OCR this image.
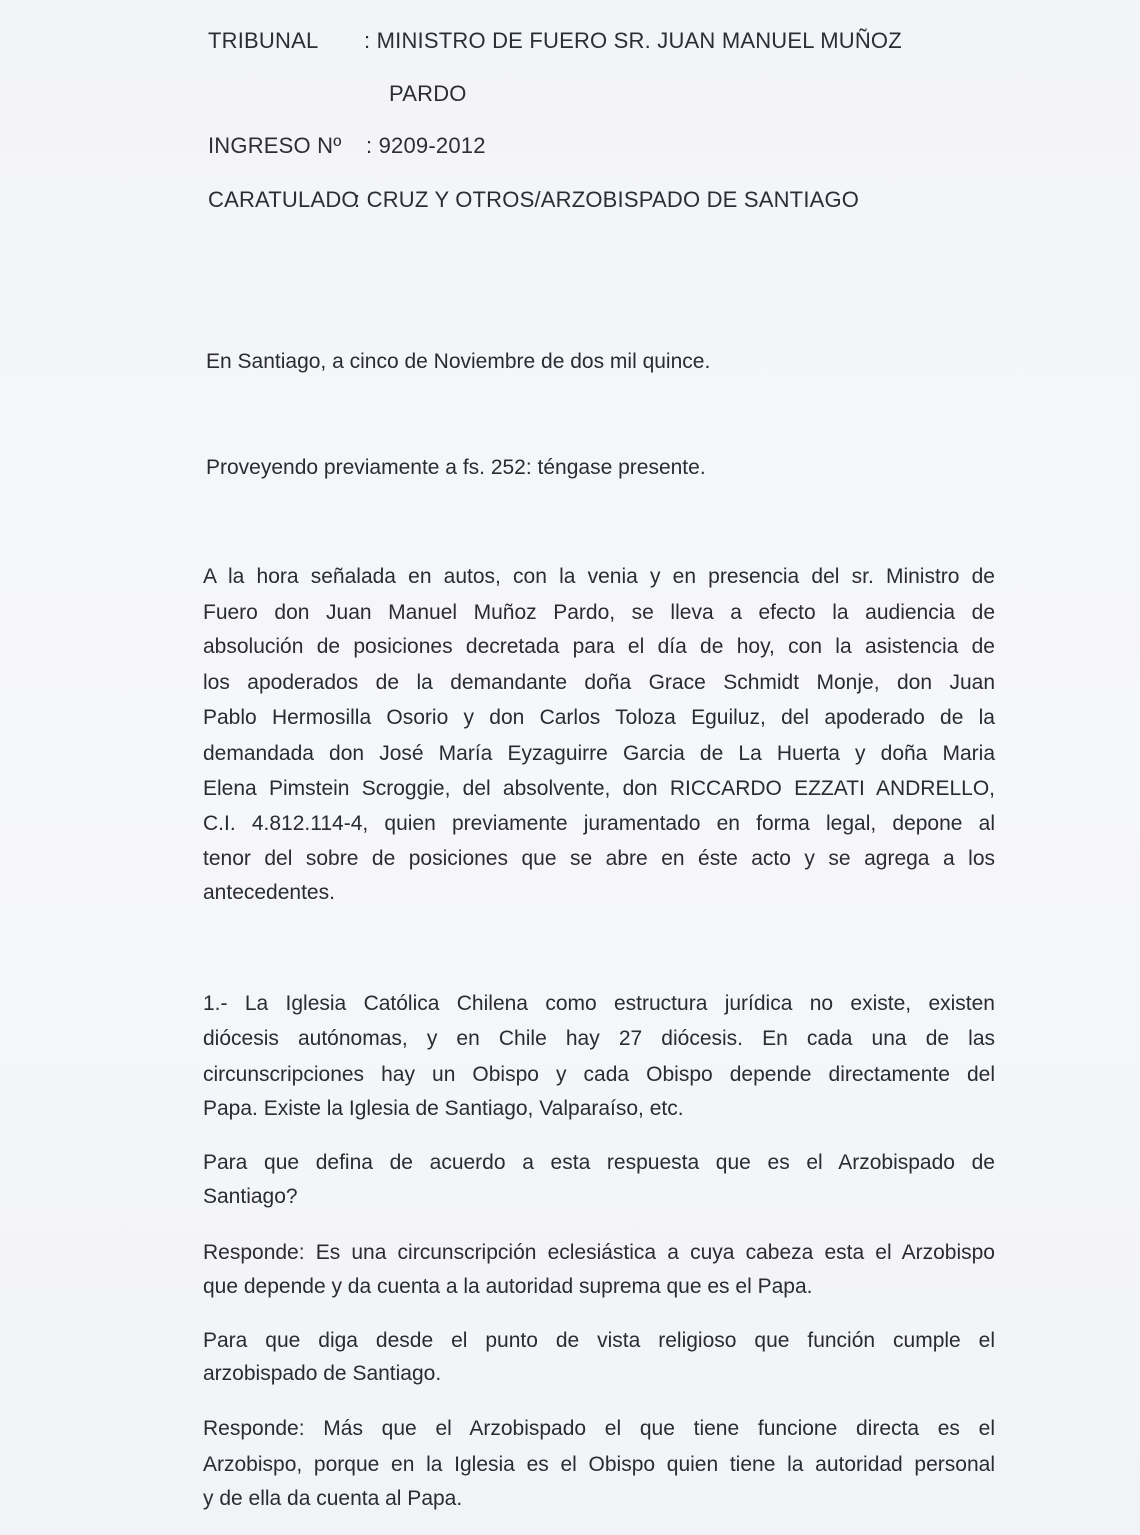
TRIBUNAL : MINISTRO DE FUERO SR. JUAN MANUEL MUÑOZ
PARDO
INGRESO Nº : 9209-2012
CARATULADO
: CRUZ Y OTROS/ARZOBISPADO DE SANTIAGO
En Santiago, a cinco de Noviembre de dos mil quince.
Proveyendo previamente a fs. 252: téngase presente.
A la hora señalada en autos, con la venia y en presencia del sr. Ministro de
Fuero don Juan Manuel Muñoz Pardo, se lleva a efecto la audiencia de
absolución de posiciones decretada para el día de hoy, con la asistencia de
los apoderados de la demandante doña Grace Schmidt Monje, don Juan
Pablo Hermosilla Osorio y don Carlos Toloza Eguiluz, del apoderado de la
demandada don José María Eyzaguirre Garcia de La Huerta y doña Maria
Elena Pimstein Scroggie, del absolvente, don RICCARDO EZZATI ANDRELLO,
C.I. 4.812.114-4, quien previamente juramentado en forma legal, depone al
tenor del sobre de posiciones que se abre en éste acto y se agrega a los
antecedentes.
1.- La Iglesia Católica Chilena como estructura jurídica no existe, existen
diócesis autónomas, y en Chile hay 27 diócesis. En cada una de las
circunscripciones hay un Obispo y cada Obispo depende directamente del
Papa. Existe la Iglesia de Santiago, Valparaíso, etc.
Para que defina de acuerdo a esta respuesta que es el Arzobispado de
Santiago?
Responde: Es una circunscripción eclesiástica a cuya cabeza esta el Arzobispo
que depende y da cuenta a la autoridad suprema que es el Papa.
Para que diga desde el punto de vista religioso que función cumple el
arzobispado de Santiago.
Responde: Más que el Arzobispado el que tiene funcione directa es el
Arzobispo, porque en la Iglesia es el Obispo quien tiene la autoridad personal
y de ella da cuenta al Papa.
